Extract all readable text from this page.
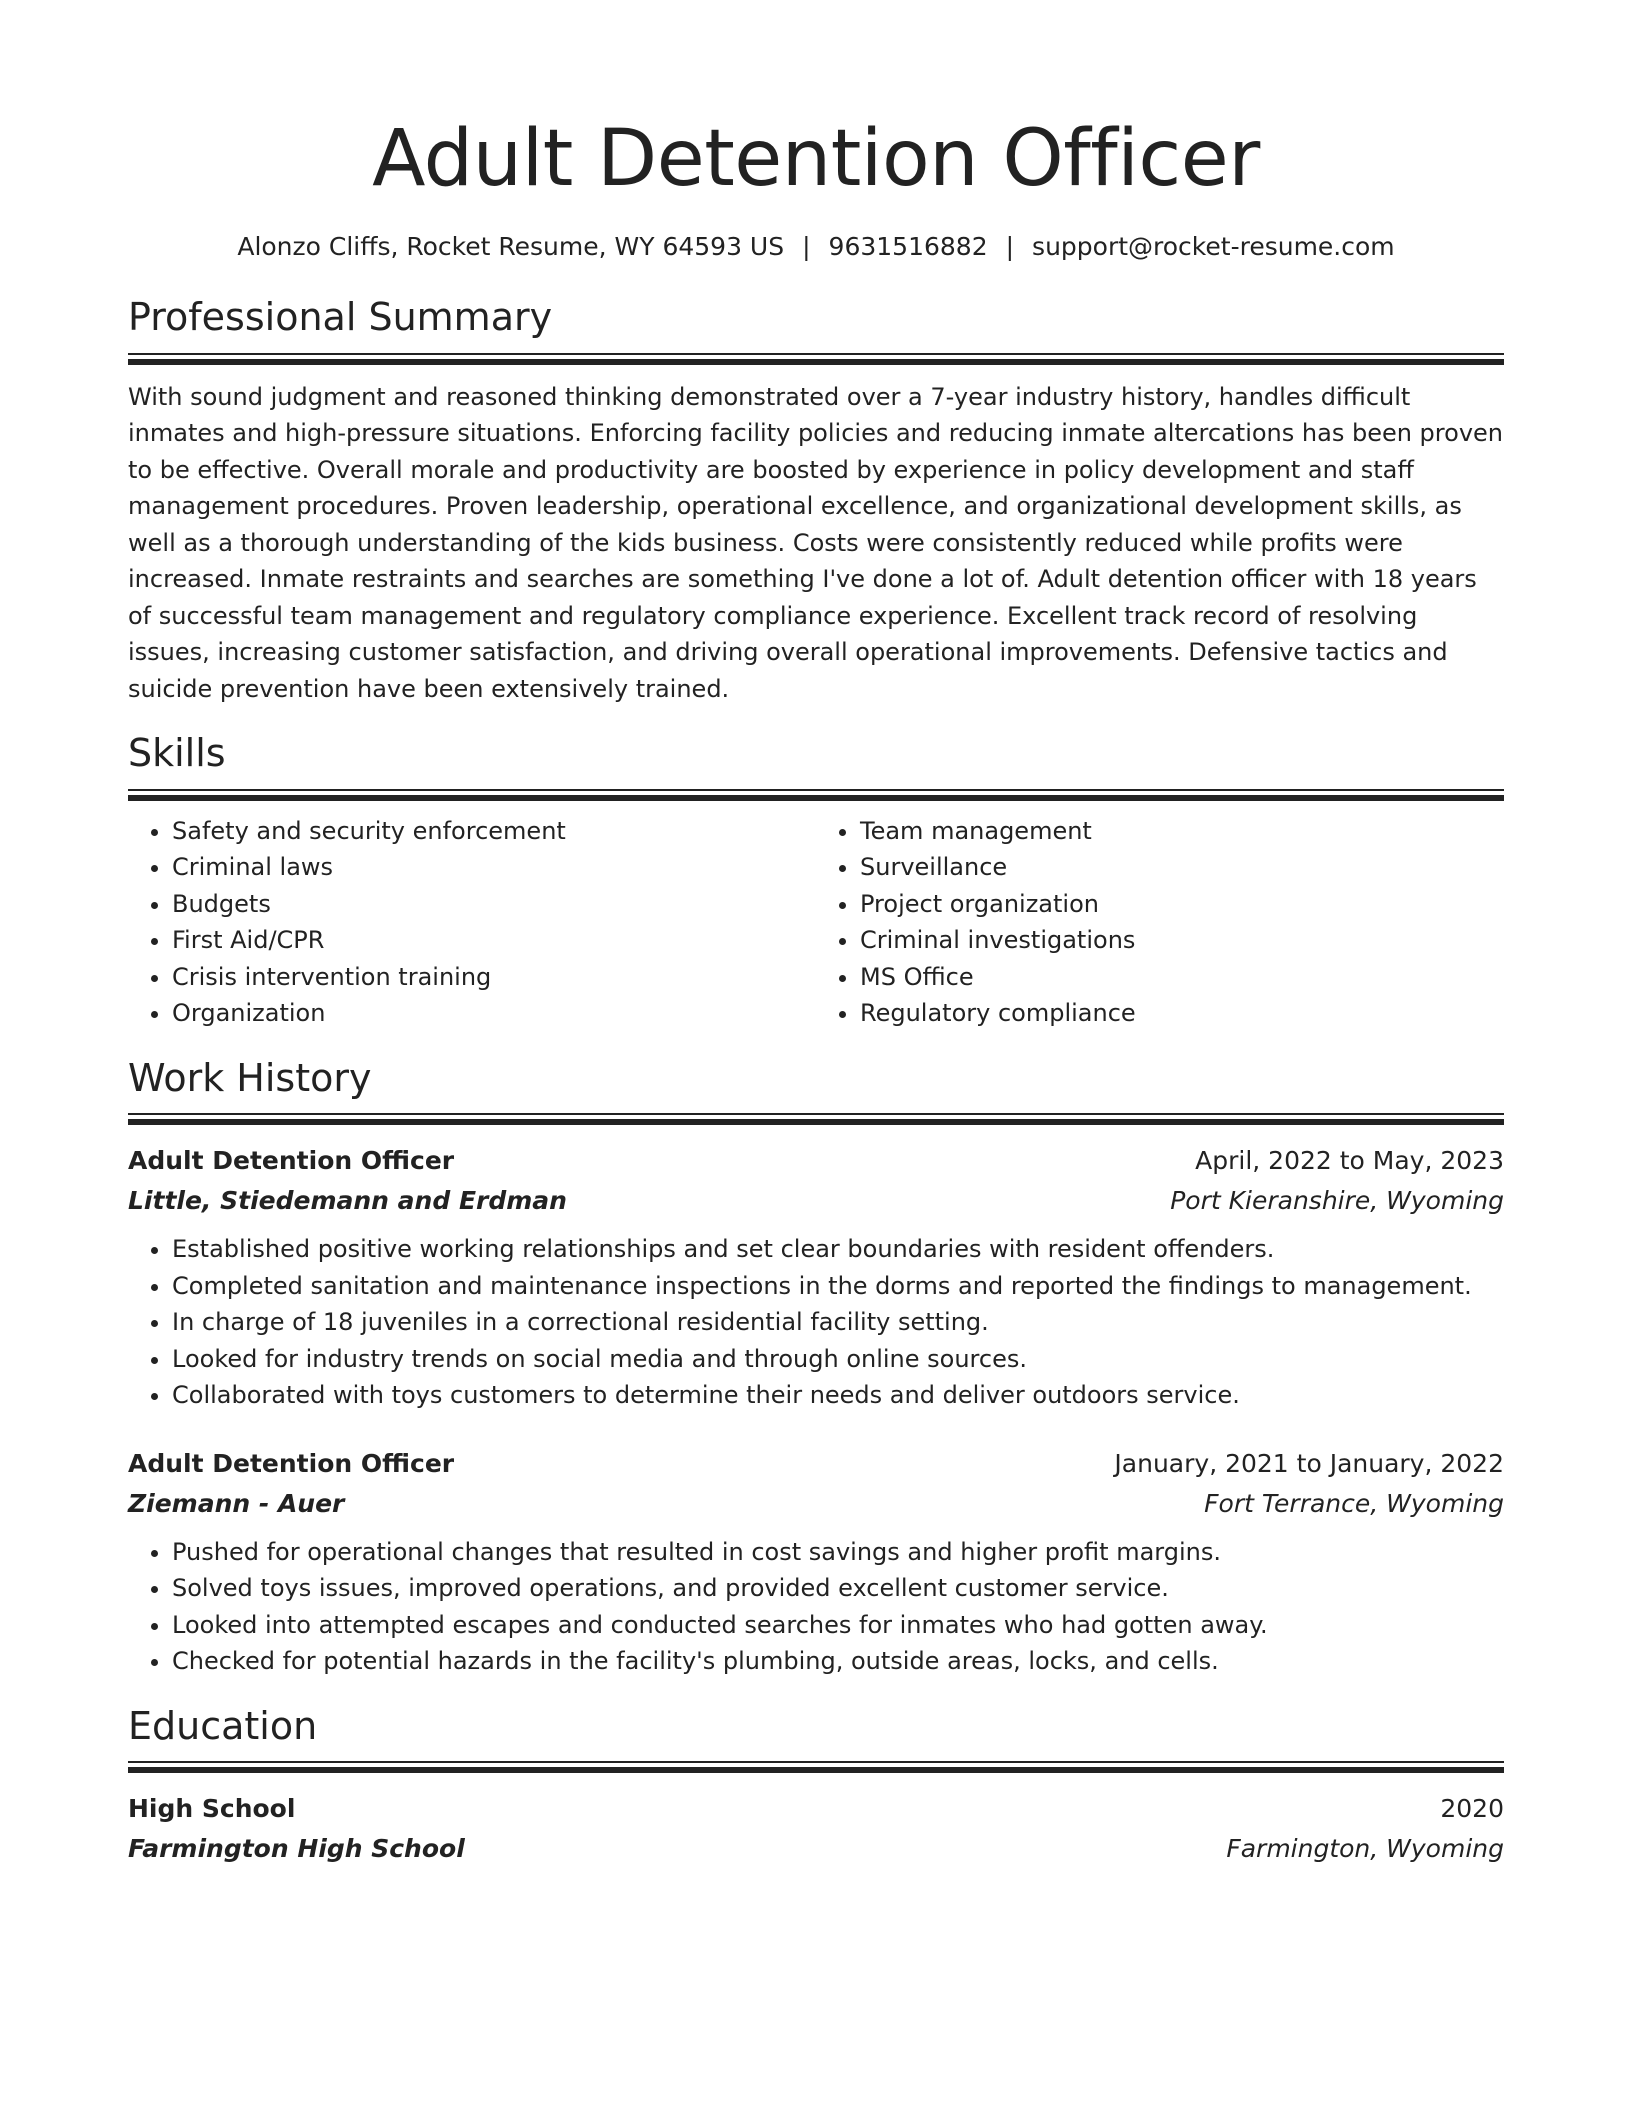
Adult Detention Officer
Alonzo Cliffs, Rocket Resume, WY 64593 US | 9631516882 | support@rocket-resume.com
Professional Summary
With sound judgment and reasoned thinking demonstrated over a 7-year industry history, handles difficult inmates and high-pressure situations. Enforcing facility policies and reducing inmate altercations has been proven to be effective. Overall morale and productivity are boosted by experience in policy development and staff management procedures. Proven leadership, operational excellence, and organizational development skills, as well as a thorough understanding of the kids business. Costs were consistently reduced while profits were increased. Inmate restraints and searches are something I've done a lot of. Adult detention officer with 18 years of successful team management and regulatory compliance experience. Excellent track record of resolving issues, increasing customer satisfaction, and driving overall operational improvements. Defensive tactics and suicide prevention have been extensively trained.
Skills
• Safety and security enforcement
• Criminal laws
• Budgets
• First Aid/CPR
• Crisis intervention training
• Organization
• Team management
• Surveillance
• Project organization
• Criminal investigations
• MS Office
• Regulatory compliance
Work History
Adult Detention Officer	April, 2022 to May, 2023
Little, Stiedemann and Erdman	Port Kieranshire, Wyoming
• Established positive working relationships and set clear boundaries with resident offenders.
• Completed sanitation and maintenance inspections in the dorms and reported the findings to management.
• In charge of 18 juveniles in a correctional residential facility setting.
• Looked for industry trends on social media and through online sources.
• Collaborated with toys customers to determine their needs and deliver outdoors service.
Adult Detention Officer	January, 2021 to January, 2022
Ziemann - Auer	Fort Terrance, Wyoming
• Pushed for operational changes that resulted in cost savings and higher profit margins.
• Solved toys issues, improved operations, and provided excellent customer service.
• Looked into attempted escapes and conducted searches for inmates who had gotten away.
• Checked for potential hazards in the facility's plumbing, outside areas, locks, and cells.
Education
High School	2020
Farmington High School	Farmington, Wyoming
